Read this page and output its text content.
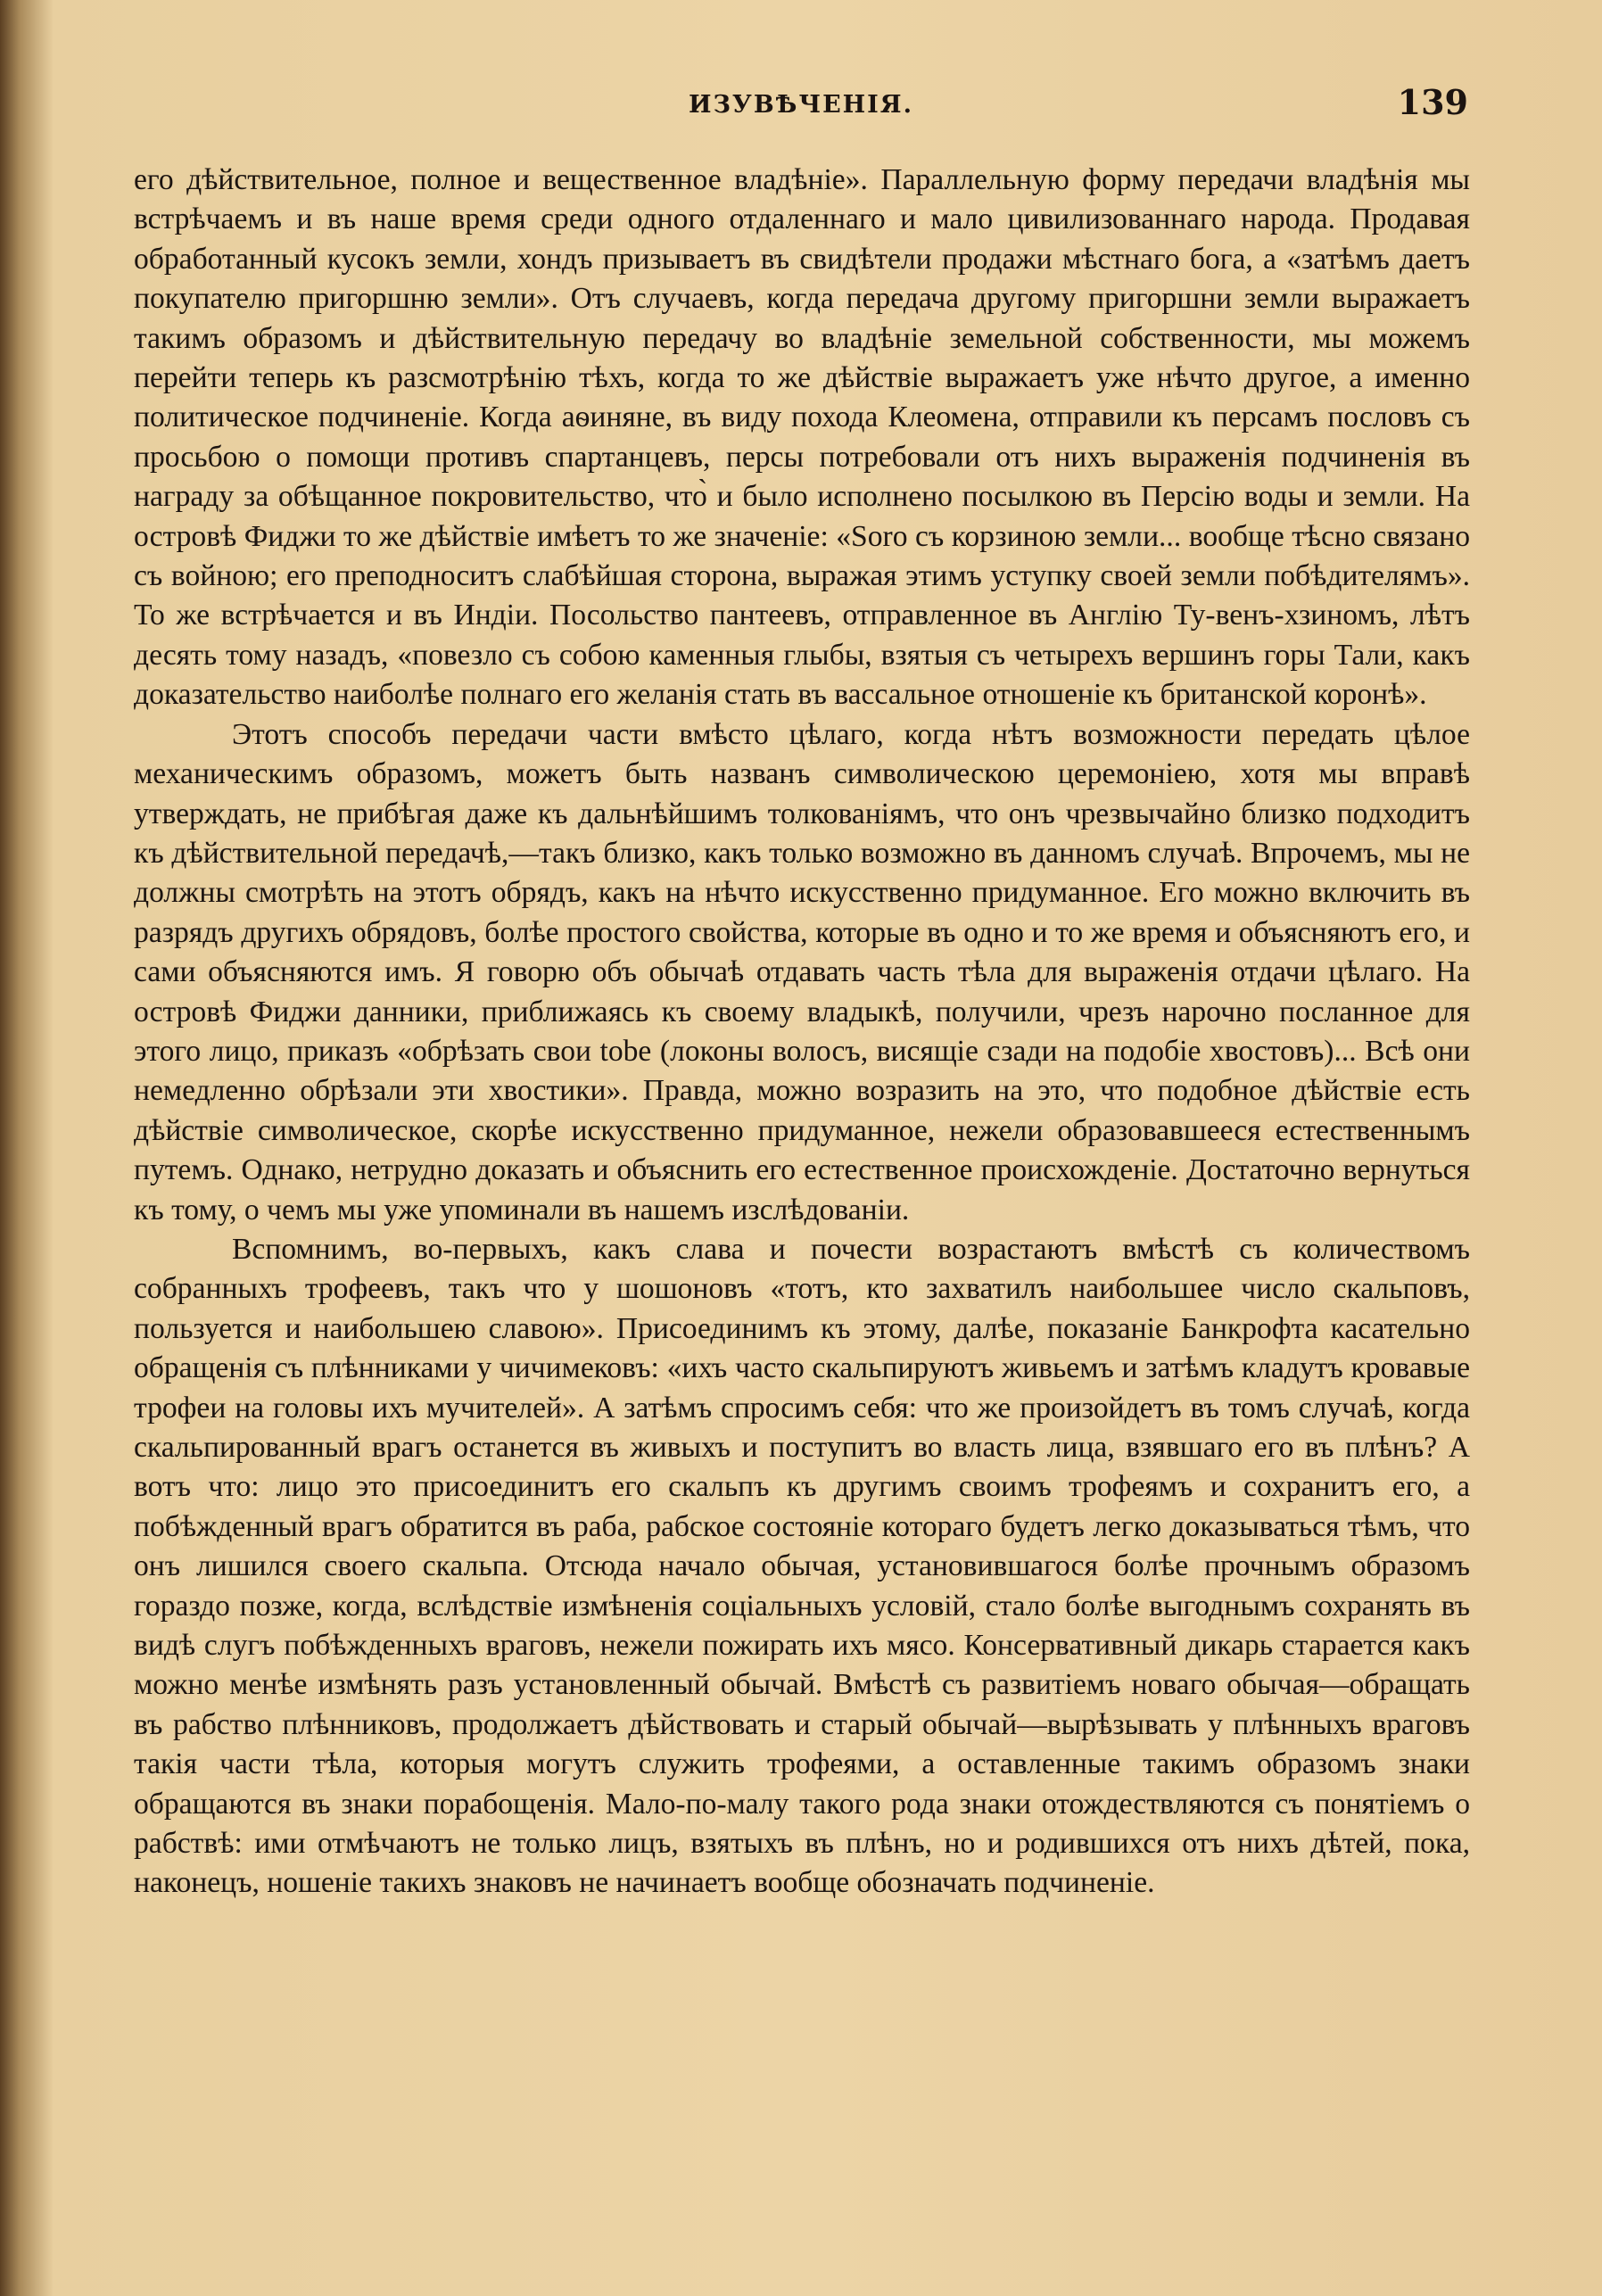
ИЗУВѢЧЕНІЯ.	139

его дѣйствительное, полное и вещественное владѣніе». Параллельную форму передачи владѣнія мы встрѣчаемъ и въ наше время среди одного отдаленнаго и мало цивилизованнаго народа. Продавая обработанный кусокъ земли, хондъ призываетъ въ свидѣтели продажи мѣстнаго бога, а «затѣмъ даетъ покупателю пригоршню земли». Отъ случаевъ, когда передача другому пригоршни земли выражаетъ такимъ образомъ и дѣйствительную передачу во владѣніе земельной собственности, мы можемъ перейти теперь къ разсмотрѣнію тѣхъ, когда то же дѣйствіе выражаетъ уже нѣчто другое, а именно политическое подчиненіе. Когда аѳиняне, въ виду похода Клеомена, отправили къ персамъ пословъ съ просьбою о помощи противъ спартанцевъ, персы потребовали отъ нихъ выраженія подчиненія въ награду за обѣщанное покровительство, что̀ и было исполнено посылкою въ Персію воды и земли. На островѣ Фиджи то же дѣйствіе имѣетъ то же значеніе: «Soro съ корзиною земли... вообще тѣсно связано съ войною; его преподноситъ слабѣйшая сторона, выражая этимъ уступку своей земли побѣдителямъ». То же встрѣчается и въ Индіи. Посольство пантеевъ, отправленное въ Англію Ту-венъ-хзиномъ, лѣтъ десять тому назадъ, «повезло съ собою каменныя глыбы, взятыя съ четырехъ вершинъ горы Тали, какъ доказательство наиболѣе полнаго его желанія стать въ вассальное отношеніе къ британской коронѣ».

Этотъ способъ передачи части вмѣсто цѣлаго, когда нѣтъ возможности передать цѣлое механическимъ образомъ, можетъ быть названъ символическою церемоніею, хотя мы вправѣ утверждать, не прибѣгая даже къ дальнѣйшимъ толкованіямъ, что онъ чрезвычайно близко подходитъ къ дѣйствительной передачѣ,—такъ близко, какъ только возможно въ данномъ случаѣ. Впрочемъ, мы не должны смотрѣть на этотъ обрядъ, какъ на нѣчто искусственно придуманное. Его можно включить въ разрядъ другихъ обрядовъ, болѣе простого свойства, которые въ одно и то же время и объясняютъ его, и сами объясняются имъ. Я говорю объ обычаѣ отдавать часть тѣла для выраженія отдачи цѣлаго. На островѣ Фиджи данники, приближаясь къ своему владыкѣ, получили, чрезъ нарочно посланное для этого лицо, приказъ «обрѣзать свои tobe (локоны волосъ, висящіе сзади на подобіе хвостовъ)... Всѣ они немедленно обрѣзали эти хвостики». Правда, можно возразить на это, что подобное дѣйствіе есть дѣйствіе символическое, скорѣе искусственно придуманное, нежели образовавшееся естественнымъ путемъ. Однако, нетрудно доказать и объяснить его естественное происхожденіе. Достаточно вернуться къ тому, о чемъ мы уже упоминали въ нашемъ изслѣдованіи.

Вспомнимъ, во-первыхъ, какъ слава и почести возрастаютъ вмѣстѣ съ количествомъ собранныхъ трофеевъ, такъ что у шошоновъ «тотъ, кто захватилъ наибольшее число скальповъ, пользуется и наибольшею славою». Присоединимъ къ этому, далѣе, показаніе Банкрофта касательно обращенія съ плѣнниками у чичимековъ: «ихъ часто скальпируютъ живьемъ и затѣмъ кладутъ кровавые трофеи на головы ихъ мучителей». А затѣмъ спросимъ себя: что же произойдетъ въ томъ случаѣ, когда скальпированный врагъ останется въ живыхъ и поступитъ во власть лица, взявшаго его въ плѣнъ? А вотъ что: лицо это присоединитъ его скальпъ къ другимъ своимъ трофеямъ и сохранитъ его, а побѣжденный врагъ обратится въ раба, рабское состояніе котораго будетъ легко доказываться тѣмъ, что онъ лишился своего скальпа. Отсюда начало обычая, установившагося болѣе прочнымъ образомъ гораздо позже, когда, вслѣдствіе измѣненія соціальныхъ условій, стало болѣе выгоднымъ сохранять въ видѣ слугъ побѣжденныхъ враговъ, нежели пожирать ихъ мясо. Консервативный дикарь старается какъ можно менѣе измѣнять разъ установленный обычай. Вмѣстѣ съ развитіемъ новаго обычая—обращать въ рабство плѣнниковъ, продолжаетъ дѣйствовать и старый обычай—вырѣзывать у плѣнныхъ враговъ такія части тѣла, которыя могутъ служить трофеями, а оставленные такимъ образомъ знаки обращаются въ знаки порабощенія. Мало-по-малу такого рода знаки отождествляются съ понятіемъ о рабствѣ: ими отмѣчаютъ не только лицъ, взятыхъ въ плѣнъ, но и родившихся отъ нихъ дѣтей, пока, наконецъ, ношеніе такихъ знаковъ не начинаетъ вообще обозначать подчиненіе.
